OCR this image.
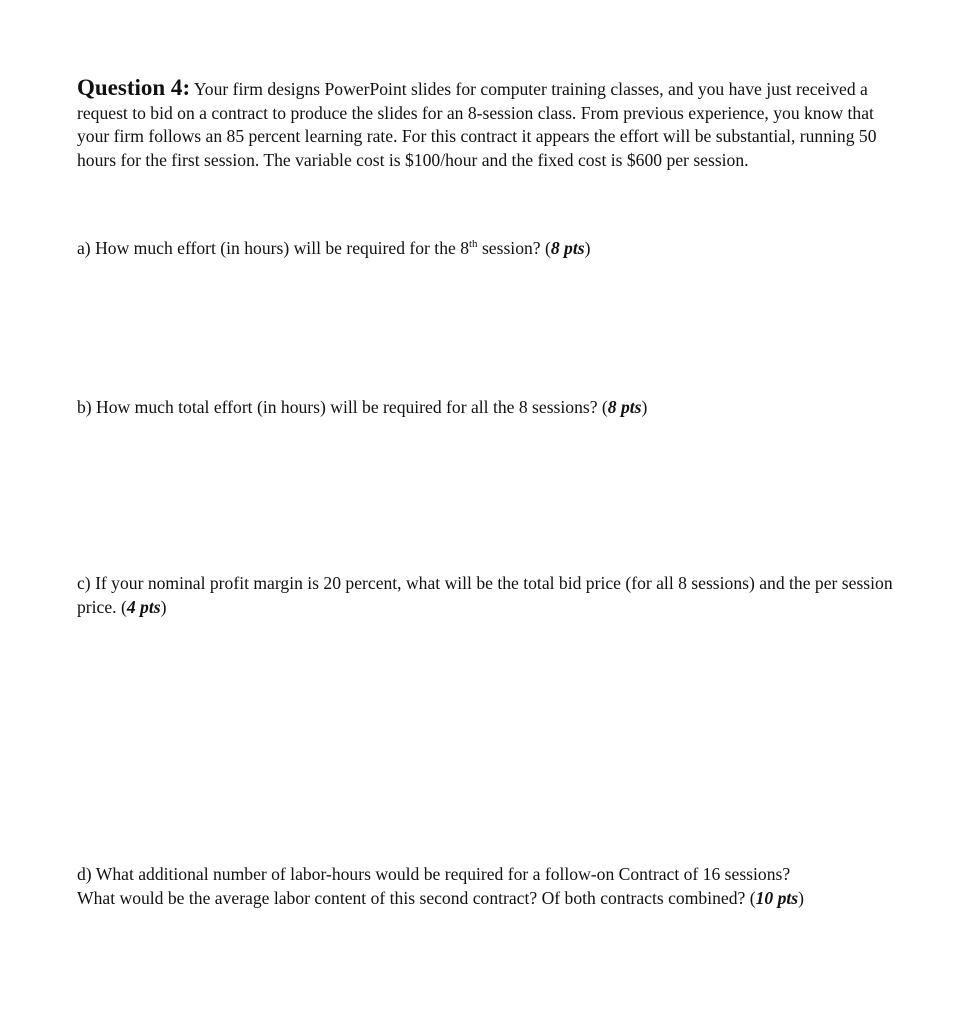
Question 4: Your firm designs PowerPoint slides for computer training classes, and you have just received a request to bid on a contract to produce the slides for an 8-session class. From previous experience, you know that your firm follows an 85 percent learning rate. For this contract it appears the effort will be substantial, running 50 hours for the first session. The variable cost is $100/hour and the fixed cost is $600 per session.
a) How much effort (in hours) will be required for the 8th session? (8 pts)
b) How much total effort (in hours) will be required for all the 8 sessions? (8 pts)
c) If your nominal profit margin is 20 percent, what will be the total bid price (for all 8 sessions) and the per session price. (4 pts)
d) What additional number of labor-hours would be required for a follow-on Contract of 16 sessions?
What would be the average labor content of this second contract? Of both contracts combined? (10 pts)
